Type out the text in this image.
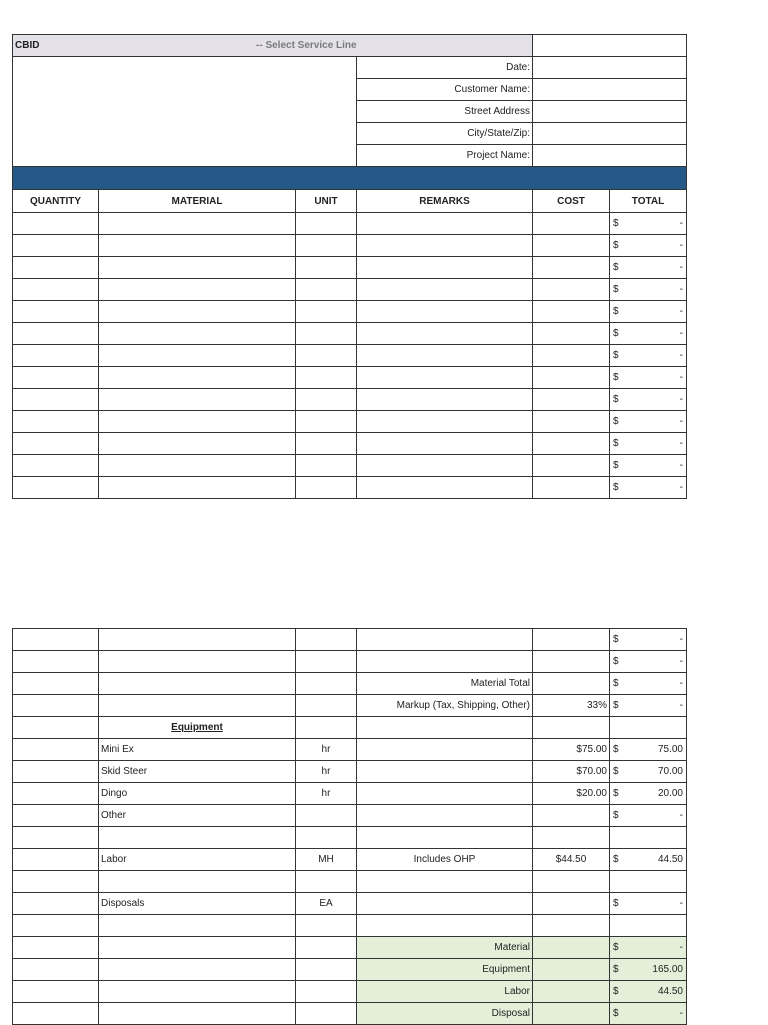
CBID -- Select Service Line					

			Date:		
			Customer Name:		
			Street Address		
			City/State/Zip:		
			Project Name:		

QUANTITY	MATERIAL	UNIT	REMARKS	COST	TOTAL

					$ -

					$ -

					$ -

					$ -

					$ -

					$ -

					$ -

					$ -

					$ -

					$ -

					$ -

					$ -

					$ -

					$ -

					$ -

			Material Total		$ -

			Markup (Tax, Shipping, Other)	33%	$ -

	Equipment				
	Mini Ex	hr		$75.00	$ 75.00

	Skid Steer	hr		$70.00	$ 70.00

	Dingo	hr		$20.00	$ 20.00

	Other				$ -

	Labor	MH	Includes OHP	$44.50	$ 44.50

	Disposals	EA			$ -

			Material		$ -

			Equipment		$ 165.00

			Labor		$ 44.50

			Disposal		$ -
